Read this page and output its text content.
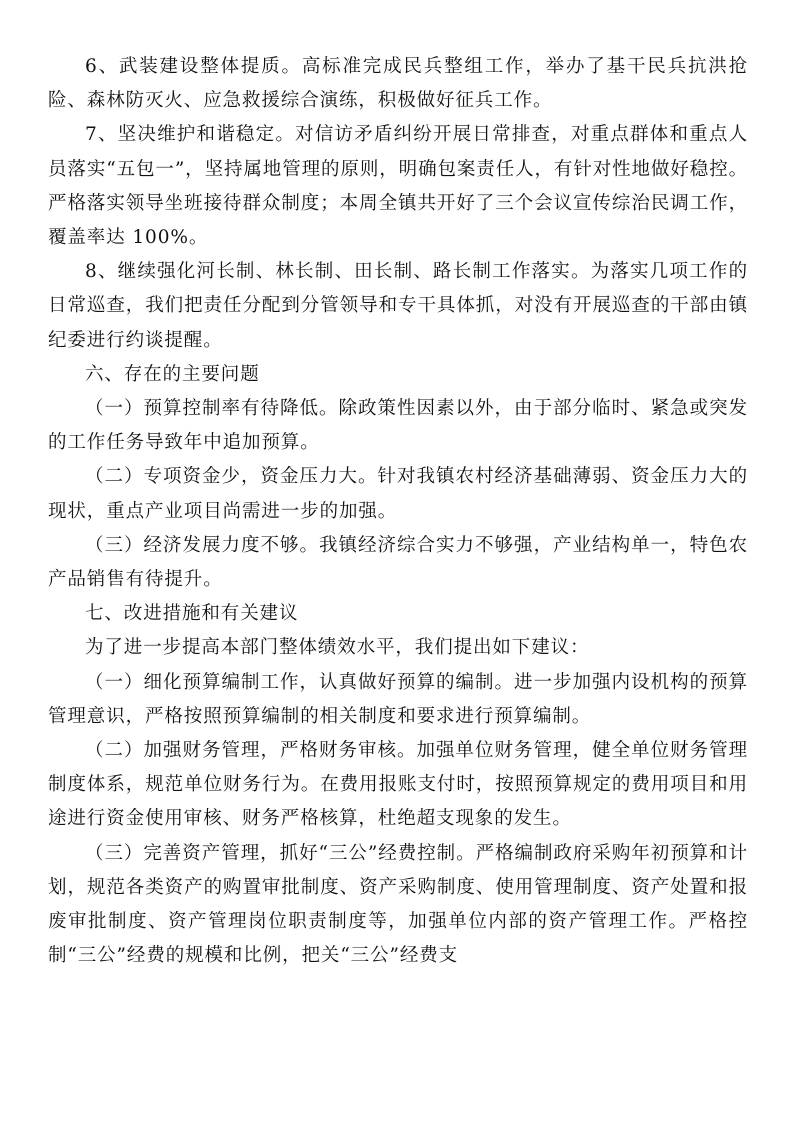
6、武装建设整体提质。高标准完成民兵整组工作，举办了基干民兵抗洪抢险、森林防灭火、应急救援综合演练，积极做好征兵工作。

7、坚决维护和谐稳定。对信访矛盾纠纷开展日常排查，对重点群体和重点人员落实“五包一”，坚持属地管理的原则，明确包案责任人，有针对性地做好稳控。严格落实领导坐班接待群众制度；本周全镇共开好了三个会议宣传综治民调工作，覆盖率达 100%。

8、继续强化河长制、林长制、田长制、路长制工作落实。为落实几项工作的日常巡查，我们把责任分配到分管领导和专干具体抓，对没有开展巡查的干部由镇纪委进行约谈提醒。

六、存在的主要问题

（一）预算控制率有待降低。除政策性因素以外，由于部分临时、紧急或突发的工作任务导致年中追加预算。

（二）专项资金少，资金压力大。针对我镇农村经济基础薄弱、资金压力大的现状，重点产业项目尚需进一步的加强。

（三）经济发展力度不够。我镇经济综合实力不够强，产业结构单一，特色农产品销售有待提升。

七、改进措施和有关建议

为了进一步提高本部门整体绩效水平，我们提出如下建议：

（一）细化预算编制工作，认真做好预算的编制。进一步加强内设机构的预算管理意识，严格按照预算编制的相关制度和要求进行预算编制。

（二）加强财务管理，严格财务审核。加强单位财务管理，健全单位财务管理制度体系，规范单位财务行为。在费用报账支付时，按照预算规定的费用项目和用途进行资金使用审核、财务严格核算，杜绝超支现象的发生。

（三）完善资产管理，抓好“三公”经费控制。严格编制政府采购年初预算和计划，规范各类资产的购置审批制度、资产采购制度、使用管理制度、资产处置和报废审批制度、资产管理岗位职责制度等，加强单位内部的资产管理工作。严格控制“三公”经费的规模和比例，把关“三公”经费支
